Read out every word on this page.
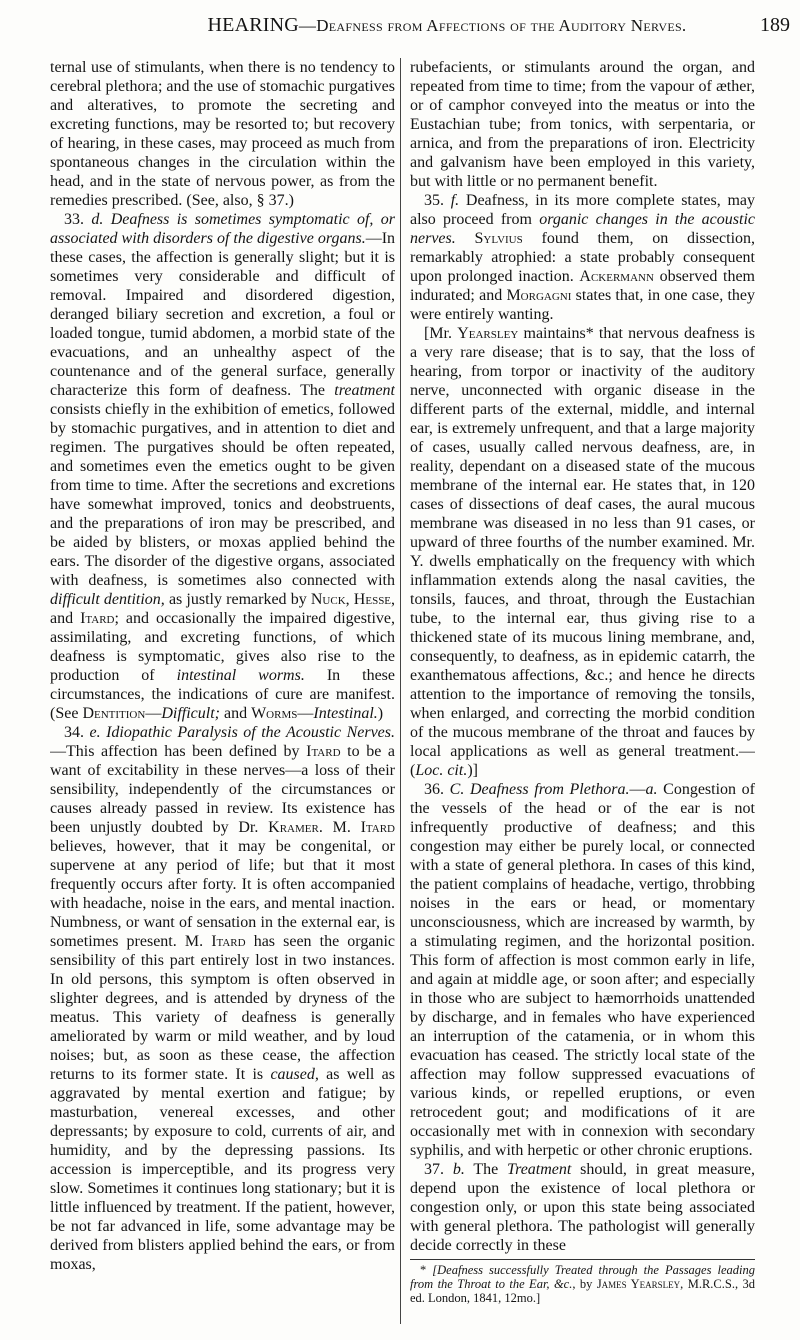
HEARING—Deafness from Affections of the Auditory Nerves.	189

ternal use of stimulants, when there is no tendency to cerebral plethora; and the use of stomachic purgatives and alteratives, to promote the secreting and excreting functions, may be resorted to; but recovery of hearing, in these cases, may proceed as much from spontaneous changes in the circulation within the head, and in the state of nervous power, as from the remedies prescribed. (See, also, § 37.)

33. d. Deafness is sometimes symptomatic of, or associated with disorders of the digestive organs.—In these cases, the affection is generally slight; but it is sometimes very considerable and difficult of removal. Impaired and disordered digestion, deranged biliary secretion and excretion, a foul or loaded tongue, tumid abdomen, a morbid state of the evacuations, and an unhealthy aspect of the countenance and of the general surface, generally characterize this form of deafness. The treatment consists chiefly in the exhibition of emetics, followed by stomachic purgatives, and in attention to diet and regimen. The purgatives should be often repeated, and sometimes even the emetics ought to be given from time to time. After the secretions and excretions have somewhat improved, tonics and deobstruents, and the preparations of iron may be prescribed, and be aided by blisters, or moxas applied behind the ears. The disorder of the digestive organs, associated with deafness, is sometimes also connected with difficult dentition, as justly remarked by Nuck, Hesse, and Itard; and occasionally the impaired digestive, assimilating, and excreting functions, of which deafness is symptomatic, gives also rise to the production of intestinal worms. In these circumstances, the indications of cure are manifest. (See Dentition—Difficult; and Worms—Intestinal.)

34. e. Idiopathic Paralysis of the Acoustic Nerves.—This affection has been defined by Itard to be a want of excitability in these nerves—a loss of their sensibility, independently of the circumstances or causes already passed in review. Its existence has been unjustly doubted by Dr. Kramer. M. Itard believes, however, that it may be congenital, or supervene at any period of life; but that it most frequently occurs after forty. It is often accompanied with headache, noise in the ears, and mental inaction. Numbness, or want of sensation in the external ear, is sometimes present. M. Itard has seen the organic sensibility of this part entirely lost in two instances. In old persons, this symptom is often observed in slighter degrees, and is attended by dryness of the meatus. This variety of deafness is generally ameliorated by warm or mild weather, and by loud noises; but, as soon as these cease, the affection returns to its former state. It is caused, as well as aggravated by mental exertion and fatigue; by masturbation, venereal excesses, and other depressants; by exposure to cold, currents of air, and humidity, and by the depressing passions. Its accession is imperceptible, and its progress very slow. Sometimes it continues long stationary; but it is little influenced by treatment. If the patient, however, be not far advanced in life, some advantage may be derived from blisters applied behind the ears, or from moxas,

rubefacients, or stimulants around the organ, and repeated from time to time; from the vapour of æther, or of camphor conveyed into the meatus or into the Eustachian tube; from tonics, with serpentaria, or arnica, and from the preparations of iron. Electricity and galvanism have been employed in this variety, but with little or no permanent benefit.

35. f. Deafness, in its more complete states, may also proceed from organic changes in the acoustic nerves. Sylvius found them, on dissection, remarkably atrophied: a state probably consequent upon prolonged inaction. Ackermann observed them indurated; and Morgagni states that, in one case, they were entirely wanting.

[Mr. Yearsley maintains* that nervous deafness is a very rare disease; that is to say, that the loss of hearing, from torpor or inactivity of the auditory nerve, unconnected with organic disease in the different parts of the external, middle, and internal ear, is extremely unfrequent, and that a large majority of cases, usually called nervous deafness, are, in reality, dependant on a diseased state of the mucous membrane of the internal ear. He states that, in 120 cases of dissections of deaf cases, the aural mucous membrane was diseased in no less than 91 cases, or upward of three fourths of the number examined. Mr. Y. dwells emphatically on the frequency with which inflammation extends along the nasal cavities, the tonsils, fauces, and throat, through the Eustachian tube, to the internal ear, thus giving rise to a thickened state of its mucous lining membrane, and, consequently, to deafness, as in epidemic catarrh, the exanthematous affections, &c.; and hence he directs attention to the importance of removing the tonsils, when enlarged, and correcting the morbid condition of the mucous membrane of the throat and fauces by local applications as well as general treatment.—(Loc. cit.)]

36. C. Deafness from Plethora.—a. Congestion of the vessels of the head or of the ear is not infrequently productive of deafness; and this congestion may either be purely local, or connected with a state of general plethora. In cases of this kind, the patient complains of headache, vertigo, throbbing noises in the ears or head, or momentary unconsciousness, which are increased by warmth, by a stimulating regimen, and the horizontal position. This form of affection is most common early in life, and again at middle age, or soon after; and especially in those who are subject to hæmorrhoids unattended by discharge, and in females who have experienced an interruption of the catamenia, or in whom this evacuation has ceased. The strictly local state of the affection may follow suppressed evacuations of various kinds, or repelled eruptions, or even retrocedent gout; and modifications of it are occasionally met with in connexion with secondary syphilis, and with herpetic or other chronic eruptions.

37. b. The Treatment should, in great measure, depend upon the existence of local plethora or congestion only, or upon this state being associated with general plethora. The pathologist will generally decide correctly in these

* [Deafness successfully Treated through the Passages leading from the Throat to the Ear, &c., by James Yearsley, M.R.C.S., 3d ed. London, 1841, 12mo.]
